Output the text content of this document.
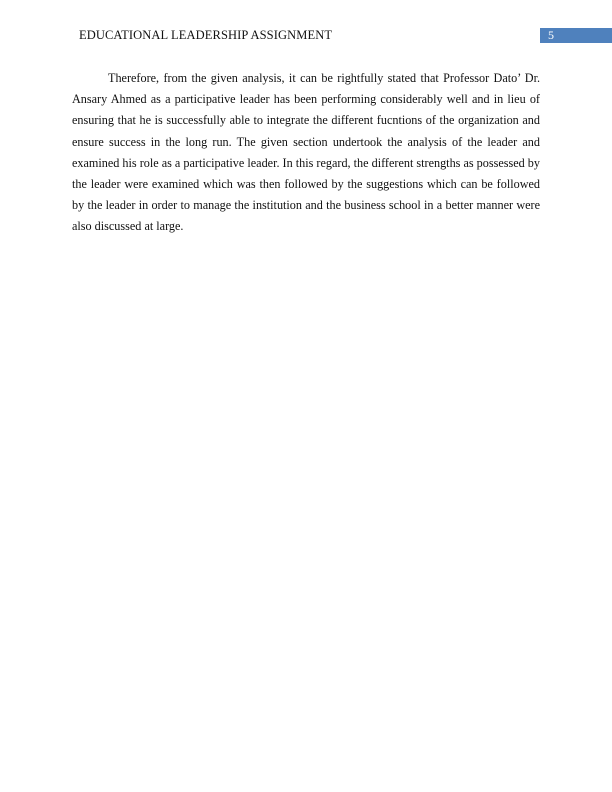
EDUCATIONAL LEADERSHIP ASSIGNMENT	5

Therefore, from the given analysis, it can be rightfully stated that Professor Dato’ Dr. Ansary Ahmed as a participative leader has been performing considerably well and in lieu of ensuring that he is successfully able to integrate the different fucntions of the organization and ensure success in the long run. The given section undertook the analysis of the leader and examined his role as a participative leader. In this regard, the different strengths as possessed by the leader were examined which was then followed by the suggestions which can be followed by the leader in order to manage the institution and the business school in a better manner were also discussed at large.
